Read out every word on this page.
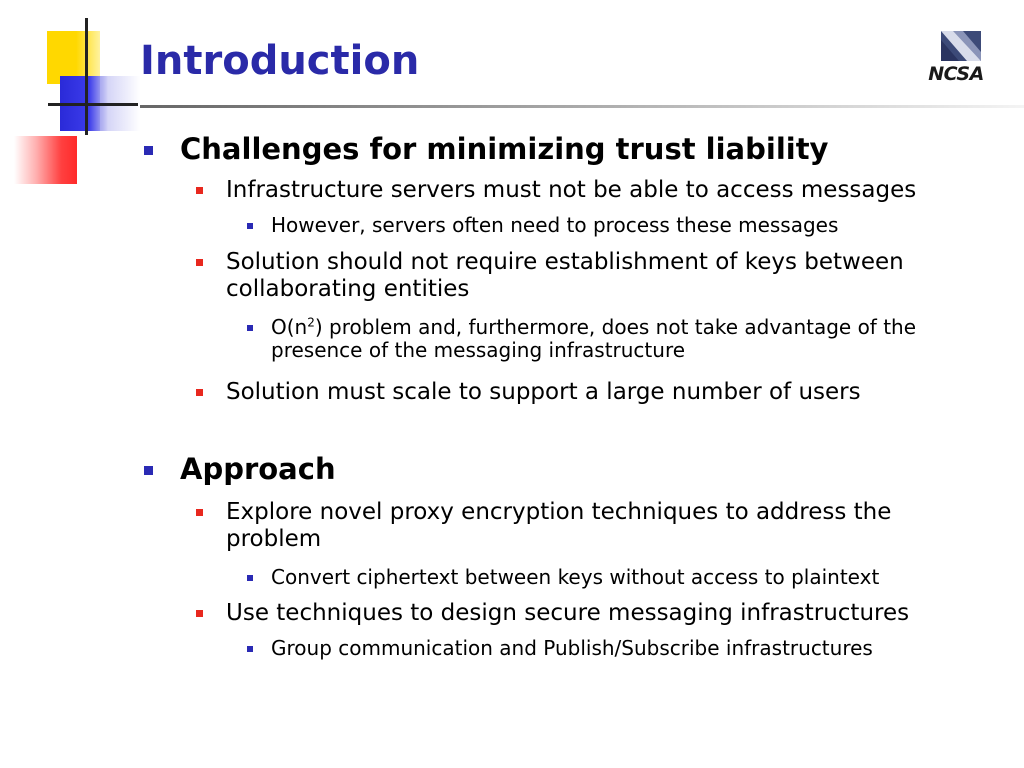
Introduction	NCSA
Challenges for minimizing trust liability
Infrastructure servers must not be able to access messages
However, servers often need to process these messages
Solution should not require establishment of keys between collaborating entities
$O(n^2)$ problem and, furthermore, does not take advantage of the presence of the messaging infrastructure
Solution must scale to support a large number of users
Approach
Explore novel proxy encryption techniques to address the problem
Convert ciphertext between keys without access to plaintext
Use techniques to design secure messaging infrastructures
Group communication and Publish/Subscribe infrastructures
